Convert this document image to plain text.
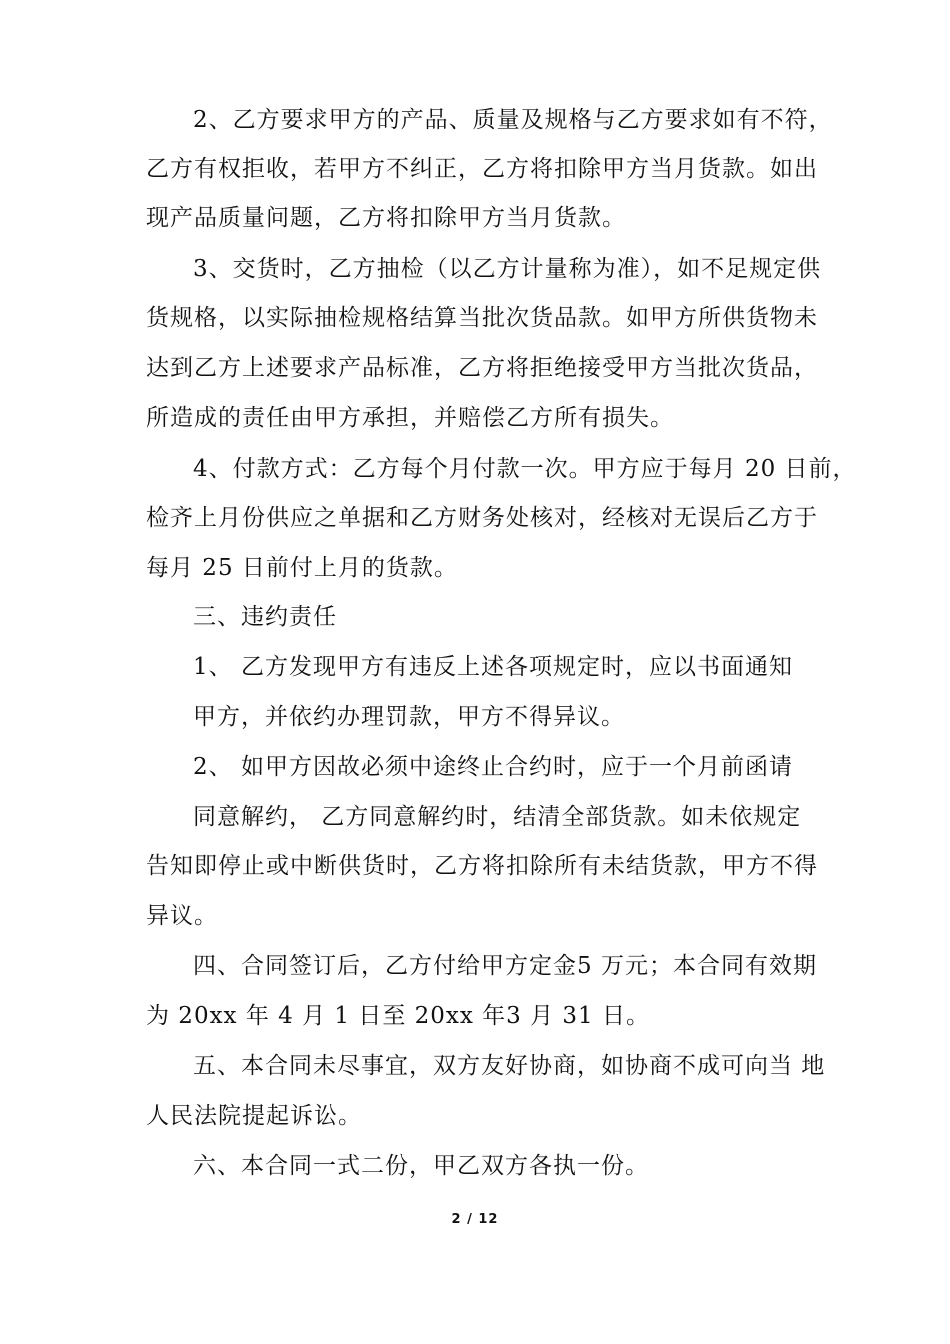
2、乙方要求甲方的产品、质量及规格与乙方要求如有不符，
乙方有权拒收，若甲方不纠正，乙方将扣除甲方当月货款。如出
现产品质量问题，乙方将扣除甲方当月货款。
3、交货时，乙方抽检（以乙方计量称为准），如不足规定供
货规格，以实际抽检规格结算当批次货品款。如甲方所供货物未
达到乙方上述要求产品标准，乙方将拒绝接受甲方当批次货品，
所造成的责任由甲方承担，并赔偿乙方所有损失。
4、付款方式：乙方每个月付款一次。甲方应于每月 20 日前，
检齐上月份供应之单据和乙方财务处核对，经核对无误后乙方于
每月 25 日前付上月的货款。
三、违约责任
1、 乙方发现甲方有违反上述各项规定时，应以书面通知
甲方，并依约办理罚款，甲方不得异议。
2、 如甲方因故必须中途终止合约时，应于一个月前函请
同意解约， 乙方同意解约时，结清全部货款。如未依规定
告知即停止或中断供货时，乙方将扣除所有未结货款，甲方不得
异议。
四、合同签订后，乙方付给甲方定金5 万元；本合同有效期
为 20xx 年 4 月 1 日至 20xx 年3 月 31 日。
五、本合同未尽事宜，双方友好协商，如协商不成可向当 地
人民法院提起诉讼。
六、本合同一式二份，甲乙双方各执一份。
2 / 12
